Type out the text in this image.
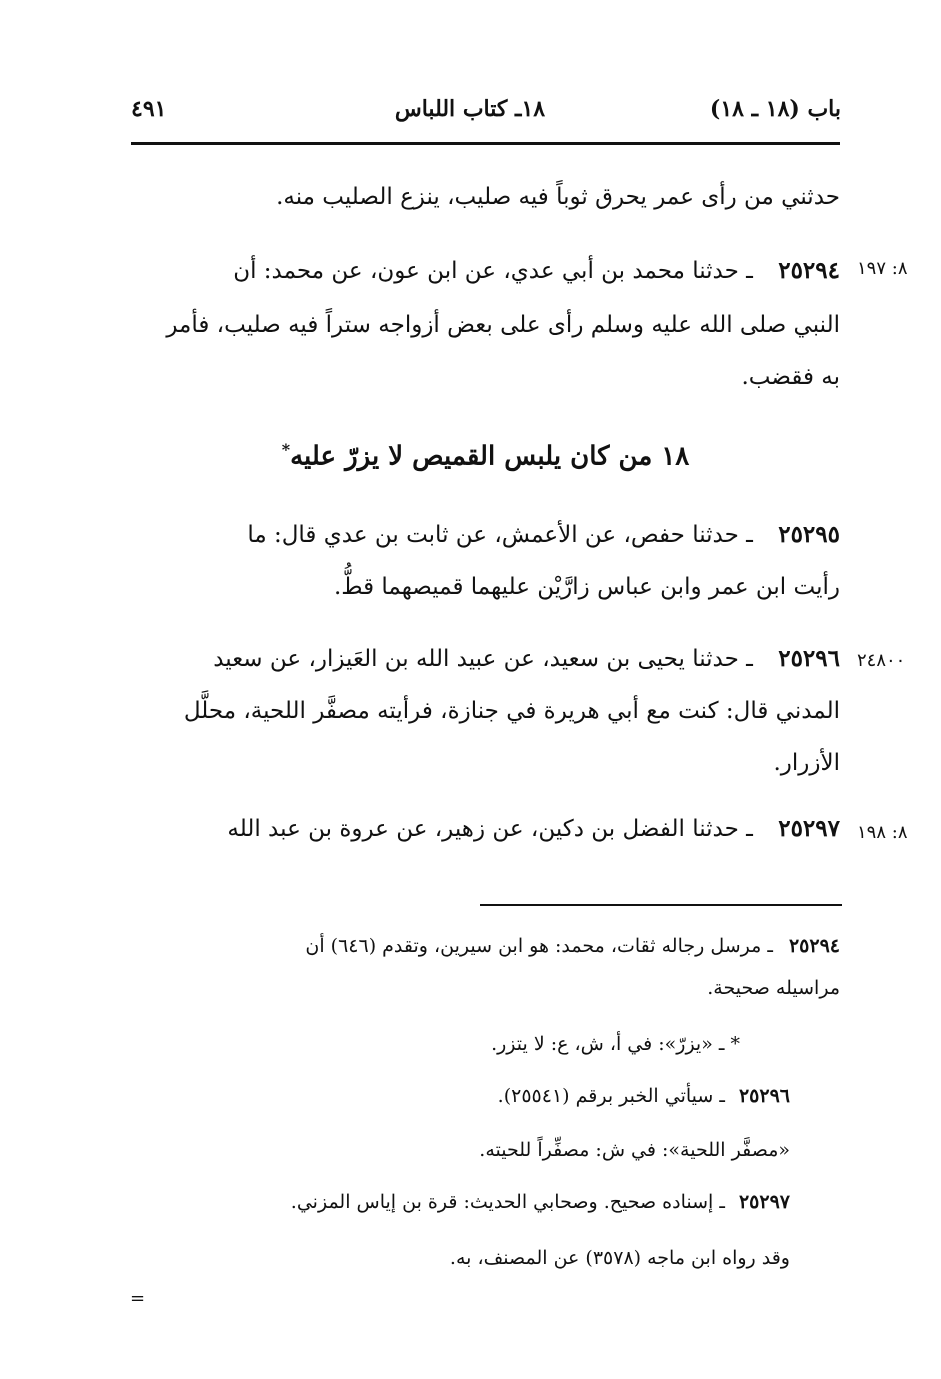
باب (١٨ ـ ١٨)
١٨ـ كتاب اللباس
٤٩١
حدثني من رأى عمر يحرق ثوباً فيه صليب، ينزع الصليب منه.
٨: ١٩٧
٢٥٢٩٤ ـ حدثنا محمد بن أبي عدي، عن ابن عون، عن محمد: أن
النبي صلى الله عليه وسلم رأى على بعض أزواجه ستراً فيه صليب، فأمر
به فقضب.
١٨ من كان يلبس القميص لا يزرّ عليه*
٢٥٢٩٥ ـ حدثنا حفص، عن الأعمش، عن ثابت بن عدي قال: ما
رأيت ابن عمر وابن عباس زارَّيْن عليهما قميصهما قطُّ.
٢٤٨٠٠
٢٥٢٩٦ ـ حدثنا يحيى بن سعيد، عن عبيد الله بن العَيزار، عن سعيد
المدني قال: كنت مع أبي هريرة في جنازة، فرأيته مصفَّر اللحية، محلَّل
الأزرار.
٨: ١٩٨
٢٥٢٩٧ ـ حدثنا الفضل بن دكين، عن زهير، عن عروة بن عبد الله
٢٥٢٩٤ ـ مرسل رجاله ثقات، محمد: هو ابن سيرين، وتقدم (٦٤٦) أن
مراسيله صحيحة.
* ـ «يزرّ»: في أ، ش، ع: لا يتزر.
٢٥٢٩٦ ـ سيأتي الخبر برقم (٢٥٥٤١).
«مصفَّر اللحية»: في ش: مصفِّراً للحيته.
٢٥٢٩٧ ـ إسناده صحيح. وصحابي الحديث: قرة بن إياس المزني.
وقد رواه ابن ماجه (٣٥٧٨) عن المصنف، به.
=
